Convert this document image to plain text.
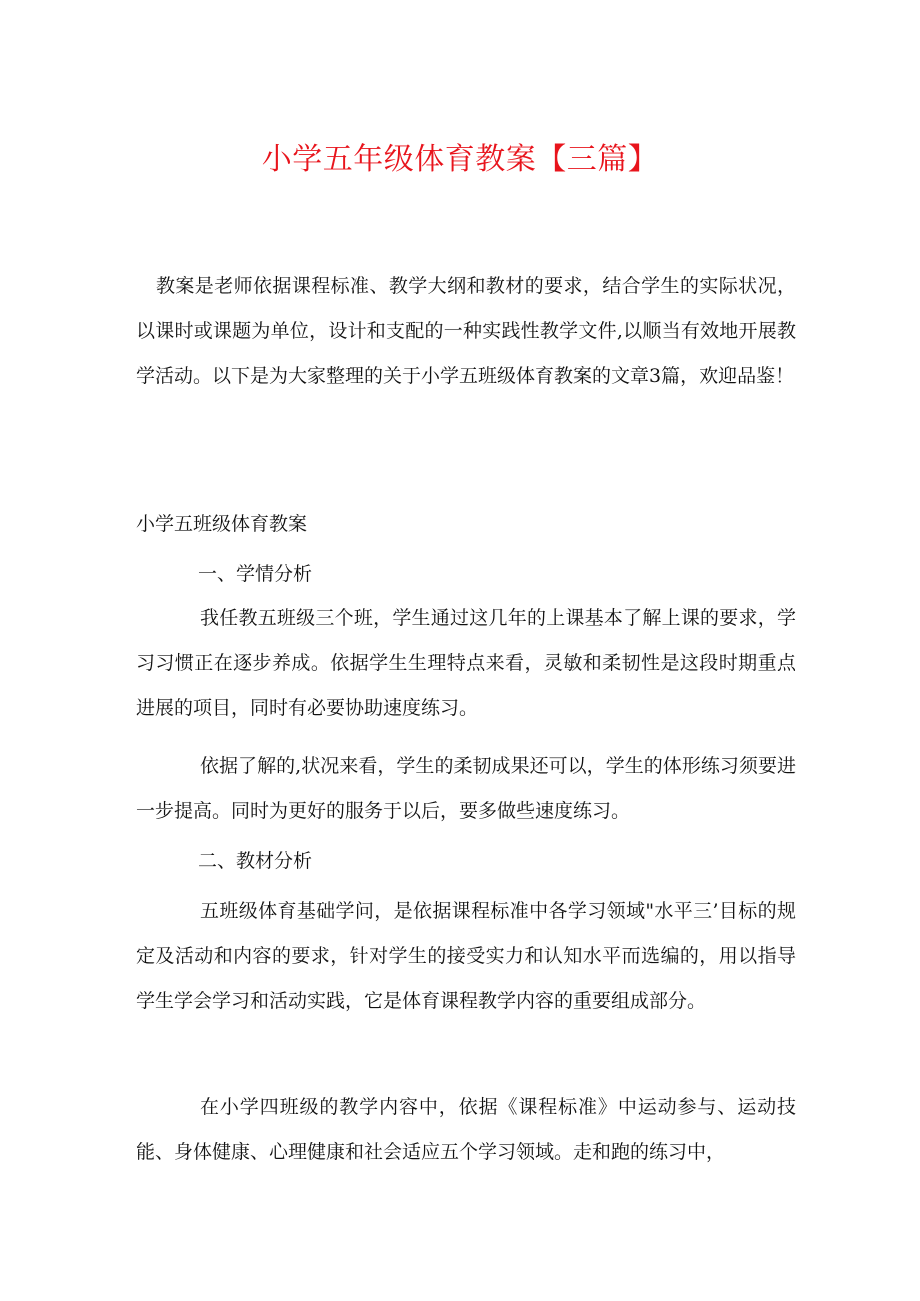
小学五年级体育教案【三篇】

教案是老师依据课程标准、教学大纲和教材的要求，结合学生的实际状况，以课时或课题为单位，设计和支配的一种实践性教学文件,以顺当有效地开展教学活动。以下是为大家整理的关于小学五班级体育教案的文章3篇，欢迎品鉴！

小学五班级体育教案

一、学情分析

我任教五班级三个班，学生通过这几年的上课基本了解上课的要求，学习习惯正在逐步养成。依据学生生理特点来看，灵敏和柔韧性是这段时期重点进展的项目，同时有必要协助速度练习。

依据了解的,状况来看，学生的柔韧成果还可以，学生的体形练习须要进一步提高。同时为更好的服务于以后，要多做些速度练习。

二、教材分析

五班级体育基础学问，是依据课程标准中各学习领域"水平三’目标的规定及活动和内容的要求，针对学生的接受实力和认知水平而选编的，用以指导学生学会学习和活动实践，它是体育课程教学内容的重要组成部分。

在小学四班级的教学内容中，依据《课程标准》中运动参与、运动技能、身体健康、心理健康和社会适应五个学习领域。走和跑的练习中，
